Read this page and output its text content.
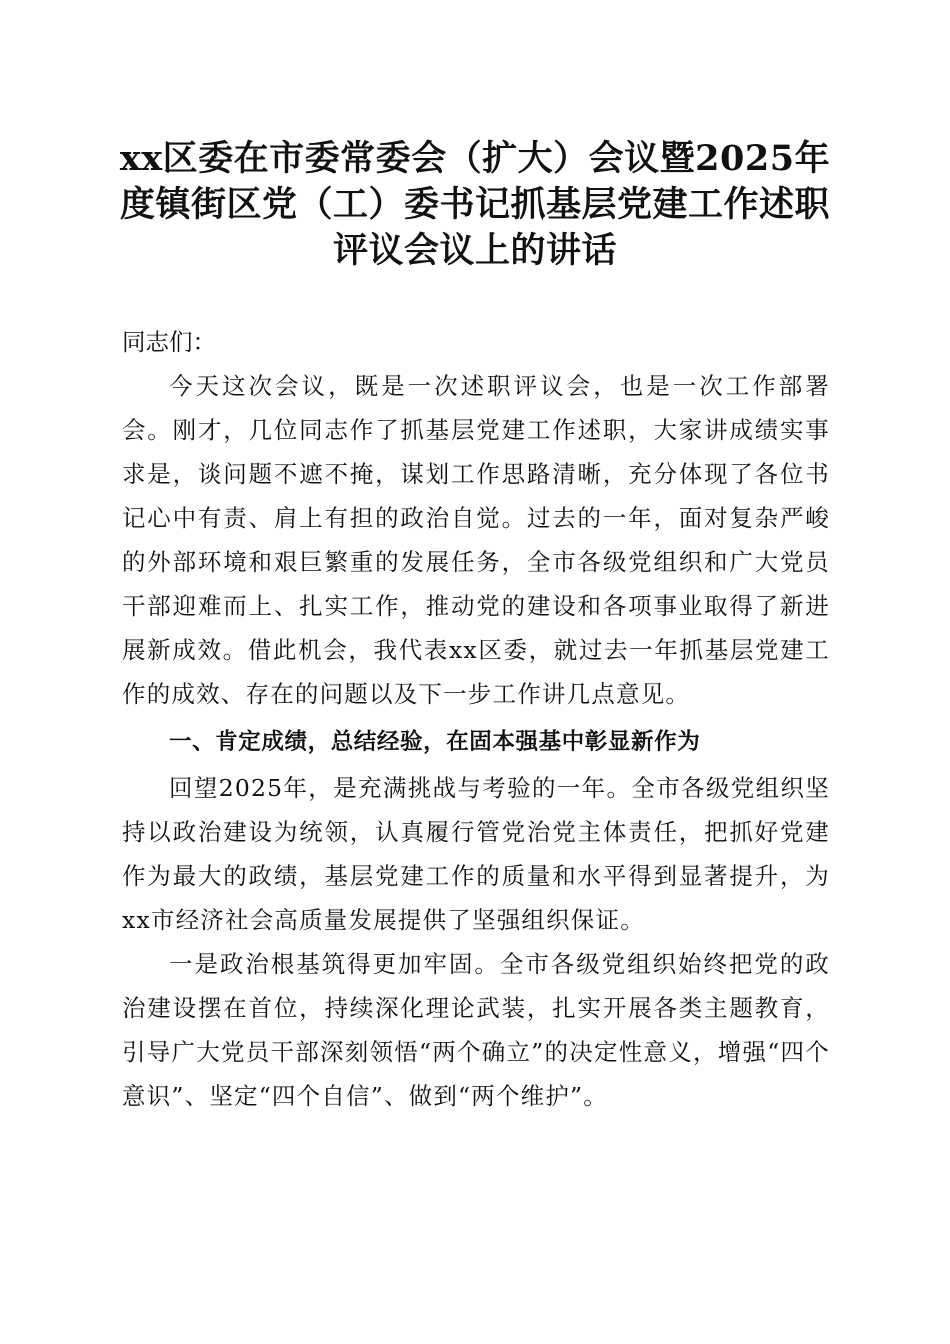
xx区委在市委常委会（扩大）会议暨2025年
度镇街区党（工）委书记抓基层党建工作述职
评议会议上的讲话

同志们：

今天这次会议，既是一次述职评议会，也是一次工作部署会。刚才，几位同志作了抓基层党建工作述职，大家讲成绩实事求是，谈问题不遮不掩，谋划工作思路清晰，充分体现了各位书记心中有责、肩上有担的政治自觉。过去的一年，面对复杂严峻的外部环境和艰巨繁重的发展任务，全市各级党组织和广大党员干部迎难而上、扎实工作，推动党的建设和各项事业取得了新进展新成效。借此机会，我代表xx区委，就过去一年抓基层党建工作的成效、存在的问题以及下一步工作讲几点意见。

一、肯定成绩，总结经验，在固本强基中彰显新作为

回望2025年，是充满挑战与考验的一年。全市各级党组织坚持以政治建设为统领，认真履行管党治党主体责任，把抓好党建作为最大的政绩，基层党建工作的质量和水平得到显著提升，为xx市经济社会高质量发展提供了坚强组织保证。

一是政治根基筑得更加牢固。全市各级党组织始终把党的政治建设摆在首位，持续深化理论武装，扎实开展各类主题教育，引导广大党员干部深刻领悟“两个确立”的决定性意义，增强“四个意识”、坚定“四个自信”、做到“两个维护”。
